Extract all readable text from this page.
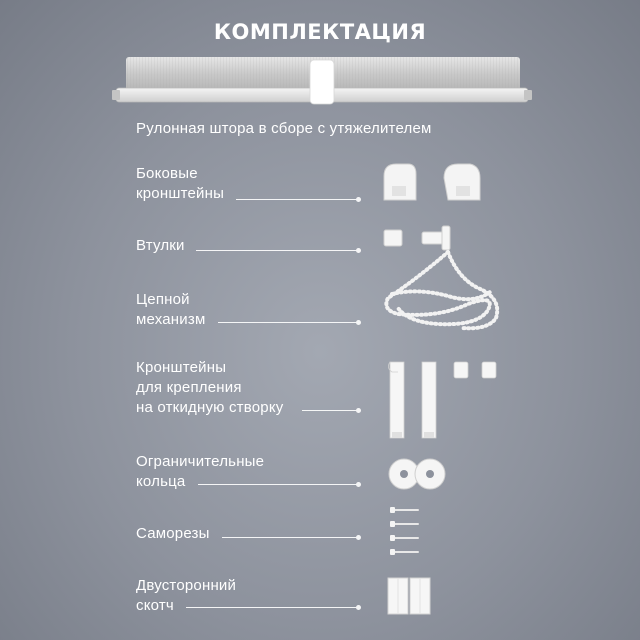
КОМПЛЕКТАЦИЯ
Рулонная штора в сборе с утяжелителем
Боковые
кронштейны
Втулки
Цепной
механизм
Кронштейны
для крепления
на откидную створку
Ограничительные
кольца
Саморезы
Двусторонний
скотч
